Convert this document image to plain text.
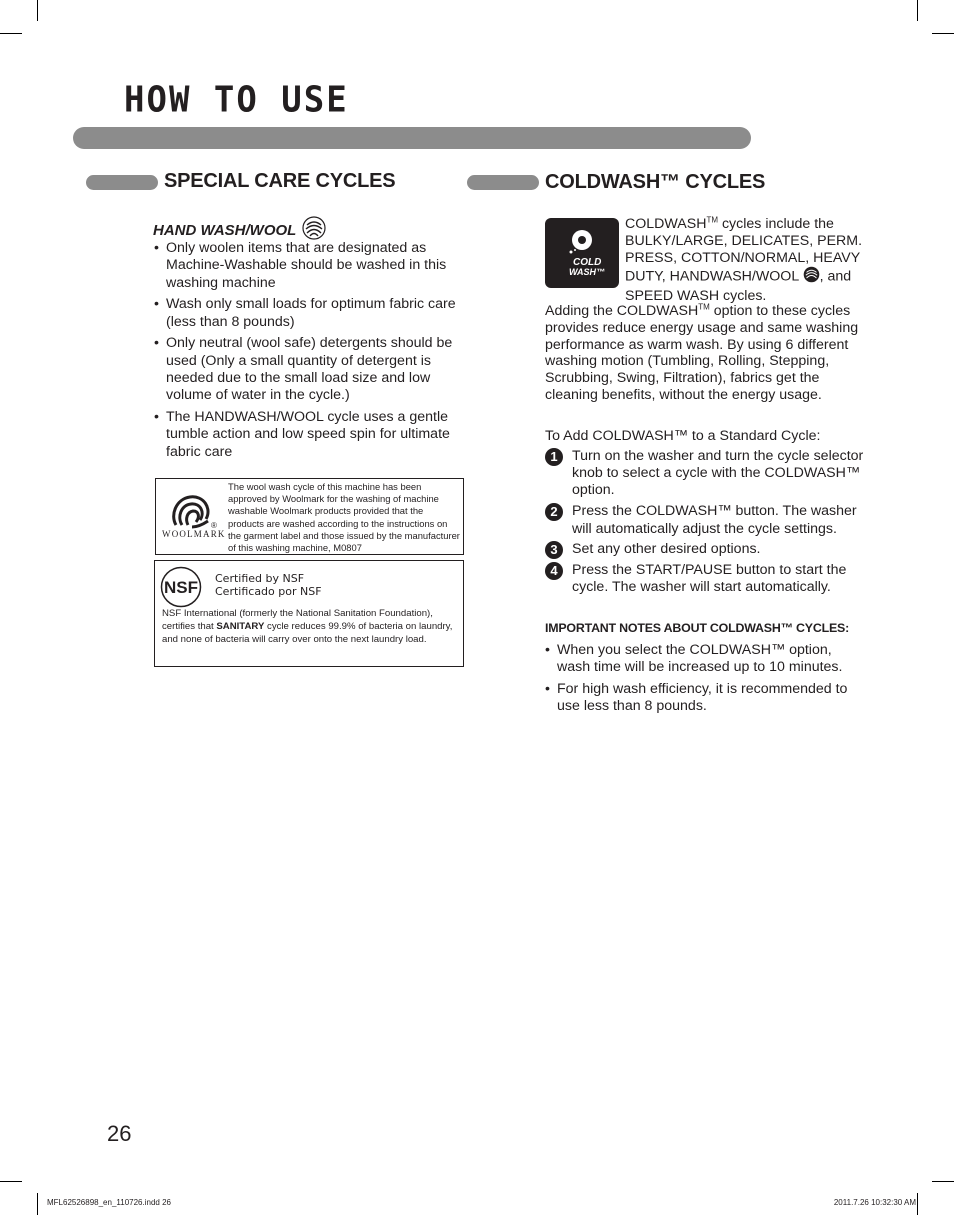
HOW TO USE
SPECIAL CARE CYCLES
HAND WASH/WOOL
• Only woolen items that are designated as Machine-Washable should be washed in this washing machine
• Wash only small loads for optimum fabric care (less than 8 pounds)
• Only neutral (wool safe) detergents should be used (Only a small quantity of detergent is needed due to the small load size and low volume of water in the cycle.)
• The HANDWASH/WOOL cycle uses a gentle tumble action and low speed spin for ultimate fabric care
®
WOOLMARK

The wool wash cycle of this machine has been approved by Woolmark for the washing of machine washable Woolmark products provided that the products are washed according to the instructions on the garment label and those issued by the manufacturer of this washing machine, M0807

NSF Certified by NSF
Certificado por NSF

NSF International (formerly the National Sanitation Foundation), certifies that SANITARY cycle reduces 99.9% of bacteria on laundry, and none of bacteria will carry over onto the next laundry load.

COLDWASH™ CYCLES
COLD
WASH™

COLDWASH™ cycles include the BULKY/LARGE, DELICATES, PERM. PRESS, COTTON/NORMAL, HEAVY DUTY, HANDWASH/WOOL , and SPEED WASH cycles.

Adding the COLDWASH™ option to these cycles provides reduce energy usage and same washing performance as warm wash. By using 6 different washing motion (Tumbling, Rolling, Stepping, Scrubbing, Swing, Filtration), fabrics get the cleaning benefits, without the energy usage.

To Add COLDWASH™ to a Standard Cycle:

1	Turn on the washer and turn the cycle selector knob to select a cycle with the COLDWASH™ option.
2	Press the COLDWASH™ button. The washer will automatically adjust the cycle settings.
3	Set any other desired options.
4	Press the START/PAUSE button to start the cycle. The washer will start automatically.
IMPORTANT NOTES ABOUT COLDWASH™ CYCLES:
• When you select the COLDWASH™ option, wash time will be increased up to 10 minutes.
• For high wash efficiency, it is recommended to use less than 8 pounds.

26

MFL62526898_en_110726.indd 26	2011.7.26 10:32:30 AM
